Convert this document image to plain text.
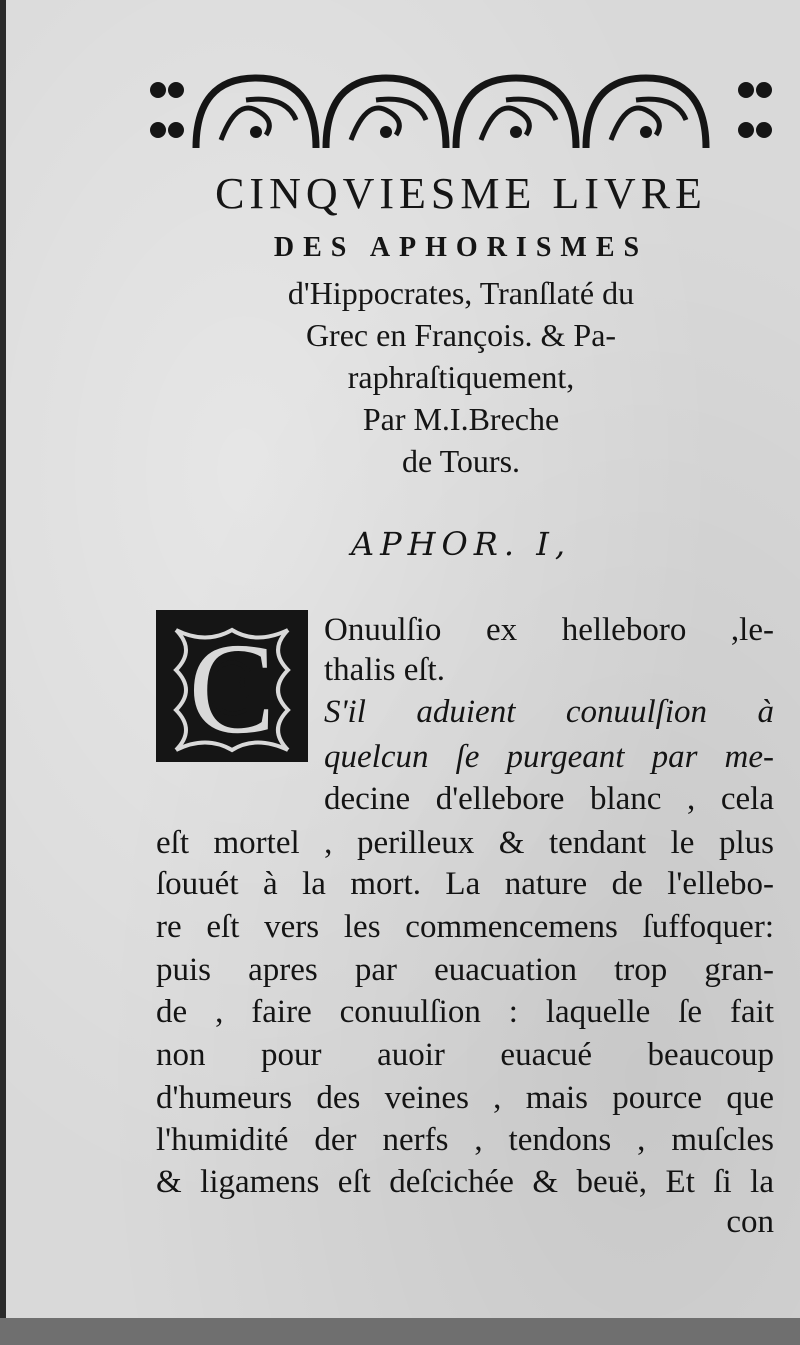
CINQVIESME LIVRE
DES APHORISMES
d'Hippocrates, Tranſlaté du
Grec en François. & Pa-
raphraſtiquement,
Par M.I.Breche
de Tours.
APHOR. I,
C Onuulſio ex helleboro ,le-
thalis eſt.
S'il aduient conuulſion à
quelcun ſe purgeant par me-
decine d'ellebore blanc , cela
eſt mortel , perilleux & tendant le plus
ſouuét à la mort. La nature de l'ellebo-
re eſt vers les commencemens ſuffoquer:
puis apres par euacuation trop gran-
de , faire conuulſion : laquelle ſe fait
non pour auoir euacué beaucoup
d'humeurs des veines , mais pource que
l'humidité der nerfs , tendons , muſcles
& ligamens eſt deſcichée & beuë, Et ſi la
con
